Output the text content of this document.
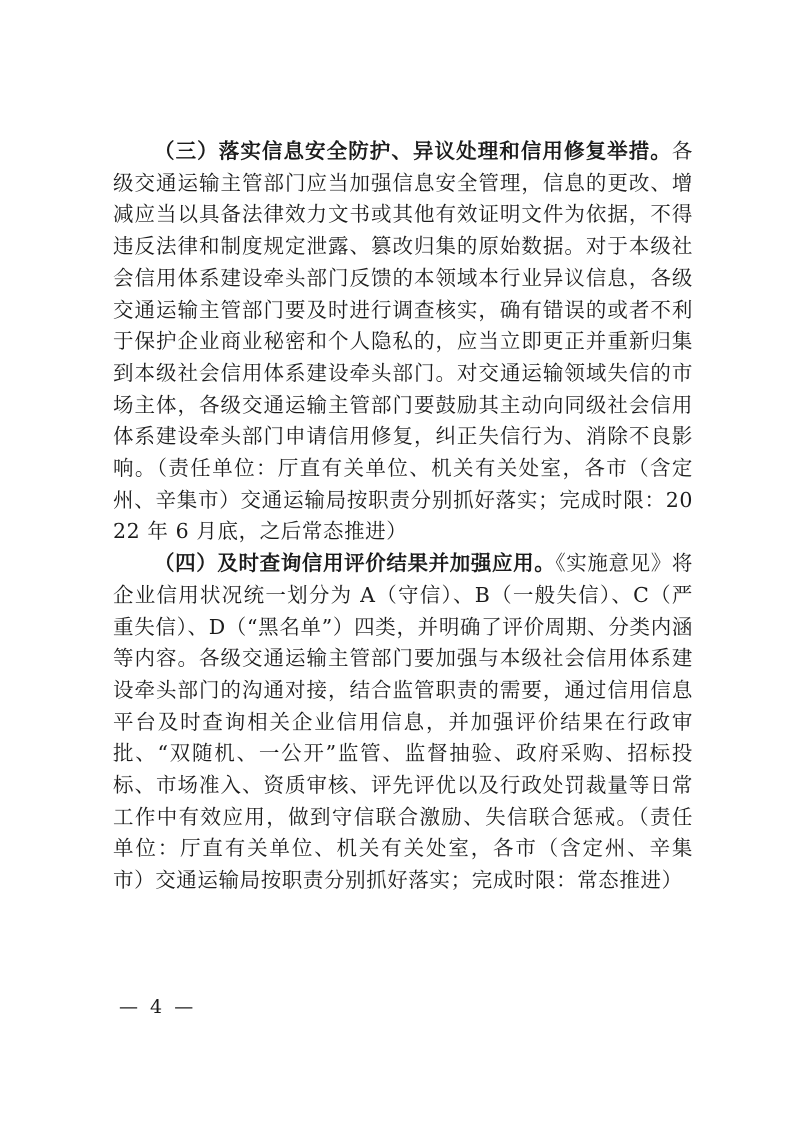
（三）落实信息安全防护、异议处理和信用修复举措。各级交通运输主管部门应当加强信息安全管理，信息的更改、增减应当以具备法律效力文书或其他有效证明文件为依据，不得违反法律和制度规定泄露、篡改归集的原始数据。对于本级社会信用体系建设牵头部门反馈的本领域本行业异议信息，各级交通运输主管部门要及时进行调查核实，确有错误的或者不利于保护企业商业秘密和个人隐私的，应当立即更正并重新归集到本级社会信用体系建设牵头部门。对交通运输领域失信的市场主体，各级交通运输主管部门要鼓励其主动向同级社会信用体系建设牵头部门申请信用修复，纠正失信行为、消除不良影响。（责任单位：厅直有关单位、机关有关处室，各市（含定州、辛集市）交通运输局按职责分别抓好落实；完成时限：2022 年 6 月底，之后常态推进）

（四）及时查询信用评价结果并加强应用。《实施意见》将企业信用状况统一划分为 A（守信）、B（一般失信）、C（严重失信）、D（“黑名单”）四类，并明确了评价周期、分类内涵等内容。各级交通运输主管部门要加强与本级社会信用体系建设牵头部门的沟通对接，结合监管职责的需要，通过信用信息平台及时查询相关企业信用信息，并加强评价结果在行政审批、“双随机、一公开”监管、监督抽验、政府采购、招标投标、市场准入、资质审核、评先评优以及行政处罚裁量等日常工作中有效应用，做到守信联合激励、失信联合惩戒。（责任单位：厅直有关单位、机关有关处室，各市（含定州、辛集市）交通运输局按职责分别抓好落实；完成时限：常态推进）

— 4 —
